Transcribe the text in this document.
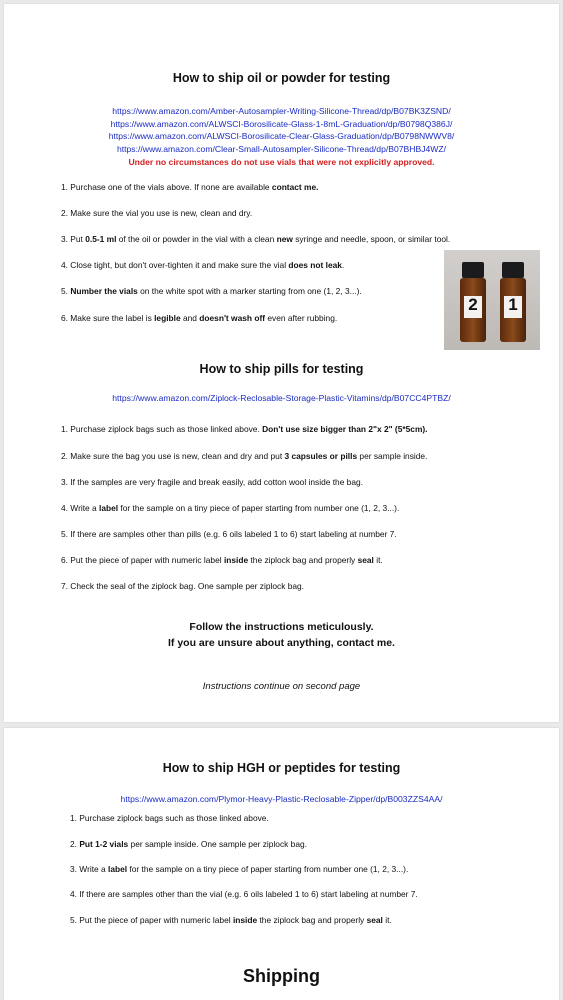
How to ship oil or powder for testing
https://www.amazon.com/Amber-Autosampler-Writing-Silicone-Thread/dp/B07BK3ZSND/
https://www.amazon.com/ALWSCI-Borosilicate-Glass-1-8mL-Graduation/dp/B0798Q386J/
https://www.amazon.com/ALWSCI-Borosilicate-Clear-Glass-Graduation/dp/B0798NWWV8/
https://www.amazon.com/Clear-Small-Autosampler-Silicone-Thread/dp/B07BHBJ4WZ/
Under no circumstances do not use vials that were not explicitly approved.
1. Purchase one of the vials above. If none are available contact me.
2. Make sure the vial you use is new, clean and dry.
3. Put 0.5-1 ml of the oil or powder in the vial with a clean new syringe and needle, spoon, or similar tool.
4. Close tight, but don't over-tighten it and make sure the vial does not leak.
5. Number the vials on the white spot with a marker starting from one (1, 2, 3...).
6. Make sure the label is legible and doesn't wash off even after rubbing.
2 1
How to ship pills for testing
https://www.amazon.com/Ziplock-Reclosable-Storage-Plastic-Vitamins/dp/B07CC4PTBZ/
1. Purchase ziplock bags such as those linked above. Don't use size bigger than 2"x 2" (5*5cm).
2. Make sure the bag you use is new, clean and dry and put 3 capsules or pills per sample inside.
3. If the samples are very fragile and break easily, add cotton wool inside the bag.
4. Write a label for the sample on a tiny piece of paper starting from number one (1, 2, 3...).
5. If there are samples other than pills (e.g. 6 oils labeled 1 to 6) start labeling at number 7.
6. Put the piece of paper with numeric label inside the ziplock bag and properly seal it.
7. Check the seal of the ziplock bag. One sample per ziplock bag.
Follow the instructions meticulously.
If you are unsure about anything, contact me.
Instructions continue on second page
How to ship HGH or peptides for testing
https://www.amazon.com/Plymor-Heavy-Plastic-Reclosable-Zipper/dp/B003ZZS4AA/
1. Purchase ziplock bags such as those linked above.
2. Put 1-2 vials per sample inside. One sample per ziplock bag.
3. Write a label for the sample on a tiny piece of paper starting from number one (1, 2, 3...).
4. If there are samples other than the vial (e.g. 6 oils labeled 1 to 6) start labeling at number 7.
5. Put the piece of paper with numeric label inside the ziplock bag and properly seal it.
Shipping
